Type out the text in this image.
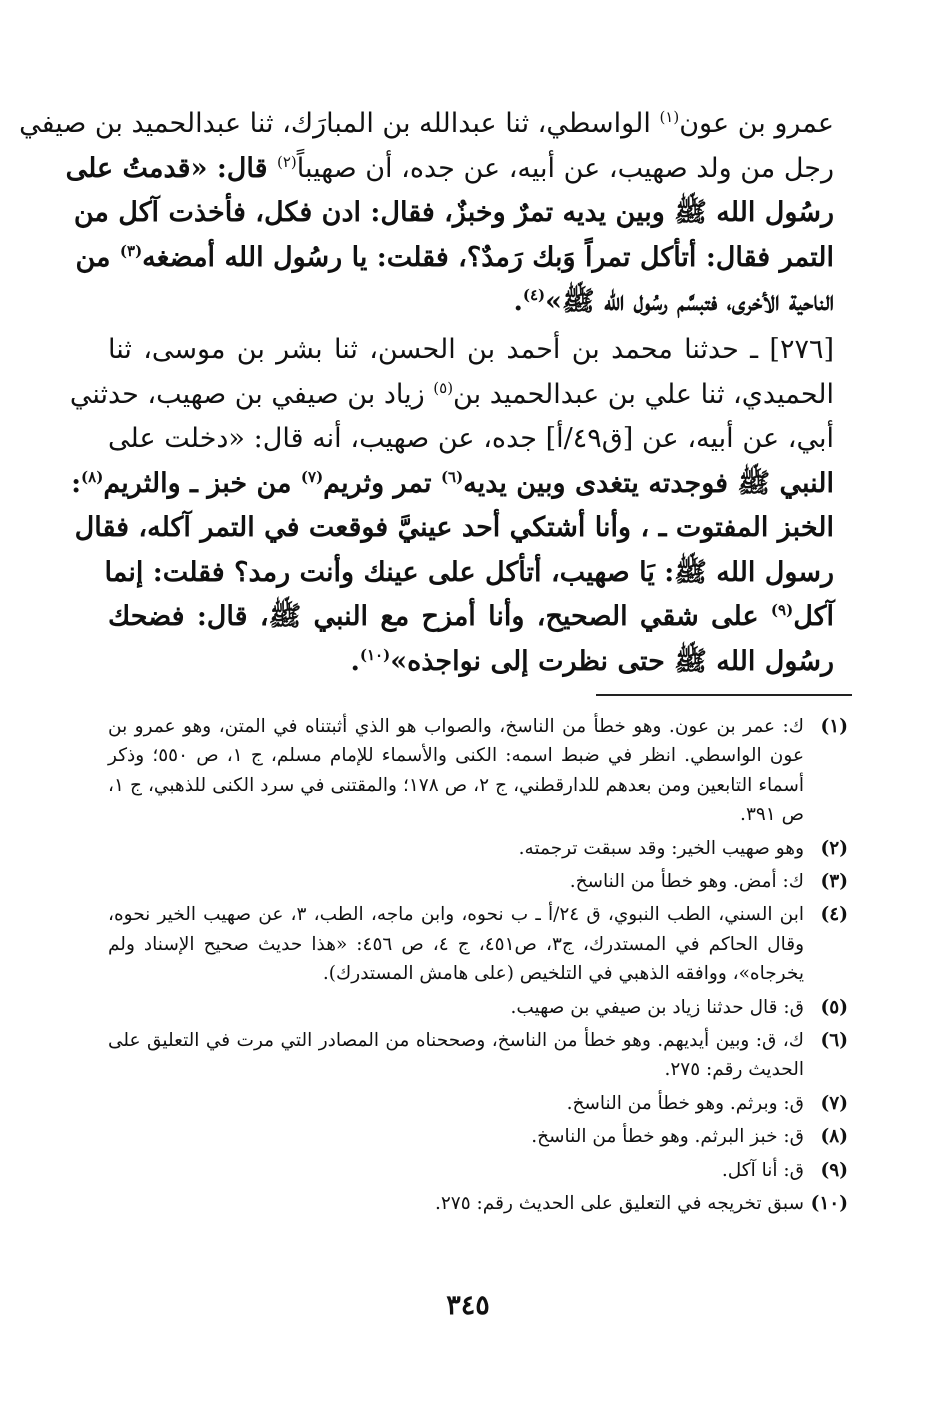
عمرو بن عون$^{(١)}$ الواسطي، ثنا عبدالله بن المبارَك، ثنا عبدالحميد بن صيفي
رجل من ولد صهيب، عن أبيه، عن جده، أن صهيباً$^{(٢)}$ قال: «قدمتُ على
رسُول الله ﷺ وبين يديه تمرٌ وخبزٌ، فقال: ادن فكل، فأخذت آكل من
التمر فقال: أتأكل تمراً وَبك رَمدٌ؟، فقلت: يا رسُول الله أمضغه$^{(٣)}$ من
الناحية الأخرى، فتبسَّم رسُول الله ﷺ»$^{(٤)}$.
[٢٧٦] ـ حدثنا محمد بن أحمد بن الحسن، ثنا بشر بن موسى، ثنا
الحميدي، ثنا علي بن عبدالحميد بن$^{(٥)}$ زياد بن صيفي بن صهيب، حدثني
أبي، عن أبيه، عن [ق٤٩/أ] جده، عن صهيب، أنه قال: «دخلت على
النبي ﷺ فوجدته يتغدى وبين يديه$^{(٦)}$ تمر وثريم$^{(٧)}$ من خبز ـ والثريم$^{(٨)}$:
الخبز المفتوت ـ ، وأنا أشتكي أحد عينيَّ فوقعت في التمر آكله، فقال
رسول الله ﷺ: يَا صهيب، أتأكل على عينك وأنت رمد؟ فقلت: إنما
آكل$^{(٩)}$ على شقي الصحيح، وأنا أمزح مع النبي ﷺ، قال: فضحك
رسُول الله ﷺ حتى نظرت إلى نواجذه»$^{(١٠)}$.
(١)
ك: عمر بن عون. وهو خطأ من الناسخ، والصواب هو الذي أثبتناه في المتن، وهو عمرو بن عون الواسطي. انظر في ضبط اسمه: الكنى والأسماء للإمام مسلم، ج ١، ص ٥٥٠؛ وذكر أسماء التابعين ومن بعدهم للدارقطني، ج ٢، ص ١٧٨؛ والمقتنى في سرد الكنى للذهبي، ج ١، ص ٣٩١.
(٢)
وهو صهيب الخير: وقد سبقت ترجمته.
(٣)
ك: أمض. وهو خطأ من الناسخ.
(٤)
ابن السني، الطب النبوي، ق ٢٤/أ ـ ب نحوه، وابن ماجه، الطب، ٣، عن صهيب الخير نحوه، وقال الحاكم في المستدرك، ج٣، ص٤٥١، ج ٤، ص ٤٥٦: «هذا حديث صحيح الإسناد ولم يخرجاه»، ووافقه الذهبي في التلخيص (على هامش المستدرك).
(٥)
ق: قال حدثنا زياد بن صيفي بن صهيب.
(٦)
ك، ق: وبين أيديهم. وهو خطأ من الناسخ، وصححناه من المصادر التي مرت في التعليق على الحديث رقم: ٢٧٥.
(٧)
ق: وبرثم. وهو خطأ من الناسخ.
(٨)
ق: خبز البرثم. وهو خطأ من الناسخ.
(٩)
ق: أنا آكل.
(١٠)
سبق تخريجه في التعليق على الحديث رقم: ٢٧٥.
٣٤٥
